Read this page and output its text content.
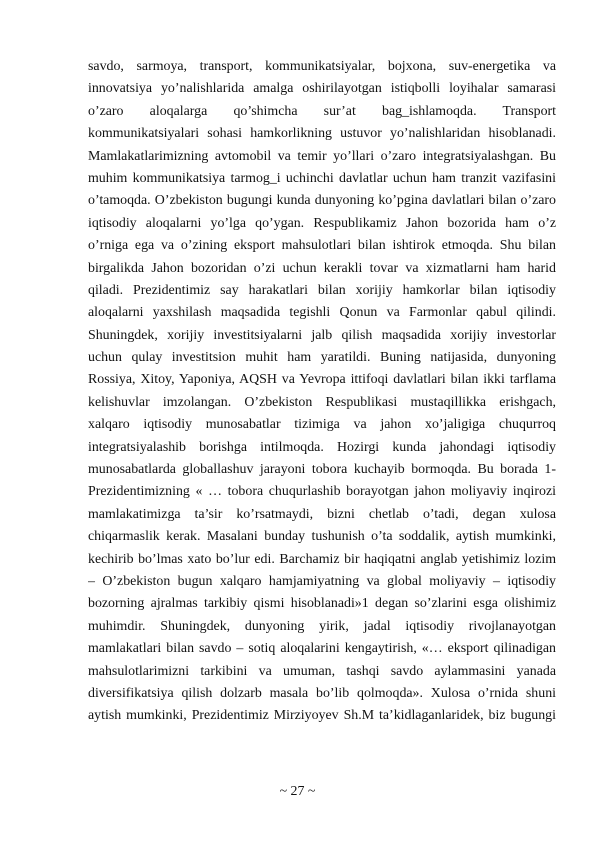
savdo, sarmoya, transport, kommunikatsiyalar, bojxona, suv-energetika va
innovatsiya yo’nalishlarida amalga oshirilayotgan istiqbolli loyihalar samarasi
o’zaro aloqalarga qo’shimcha sur’at bag_ishlamoqda. Transport
kommunikatsiyalari sohasi hamkorlikning ustuvor yo’nalishlaridan hisoblanadi.
Mamlakatlarimizning avtomobil va temir yo’llari o’zaro integratsiyalashgan. Bu
muhim kommunikatsiya tarmog_i uchinchi davlatlar uchun ham tranzit vazifasini
o’tamoqda. O’zbekiston bugungi kunda dunyoning ko’pgina davlatlari bilan o’zaro
iqtisodiy aloqalarni yo’lga qo’ygan. Respublikamiz Jahon bozorida ham o’z
o’rniga ega va o’zining eksport mahsulotlari bilan ishtirok etmoqda. Shu bilan
birgalikda Jahon bozoridan o’zi uchun kerakli tovar va xizmatlarni ham harid
qiladi. Prezidentimiz say harakatlari bilan xorijiy hamkorlar bilan iqtisodiy
aloqalarni yaxshilash maqsadida tegishli Qonun va Farmonlar qabul qilindi.
Shuningdek, xorijiy investitsiyalarni jalb qilish maqsadida xorijiy investorlar
uchun qulay investitsion muhit ham yaratildi. Buning natijasida, dunyoning
Rossiya, Xitoy, Yaponiya, AQSH va Yevropa ittifoqi davlatlari bilan ikki tarflama
kelishuvlar imzolangan. O’zbekiston Respublikasi mustaqillikka erishgach,
xalqaro iqtisodiy munosabatlar tizimiga va jahon xo’jaligiga chuqurroq
integratsiyalashib borishga intilmoqda. Hozirgi kunda jahondagi iqtisodiy
munosabatlarda globallashuv jarayoni tobora kuchayib bormoqda. Bu borada 1-
Prezidentimizning « … tobora chuqurlashib borayotgan jahon moliyaviy inqirozi
mamlakatimizga ta’sir ko’rsatmaydi, bizni chetlab o’tadi, degan xulosa
chiqarmaslik kerak. Masalani bunday tushunish o’ta soddalik, aytish mumkinki,
kechirib bo’lmas xato bo’lur edi. Barchamiz bir haqiqatni anglab yetishimiz lozim
– O’zbekiston bugun xalqaro hamjamiyatning va global moliyaviy – iqtisodiy
bozorning ajralmas tarkibiy qismi hisoblanadi»1 degan so’zlarini esga olishimiz
muhimdir. Shuningdek, dunyoning yirik, jadal iqtisodiy rivojlanayotgan
mamlakatlari bilan savdo – sotiq aloqalarini kengaytirish, «… eksport qilinadigan
mahsulotlarimizni tarkibini va umuman, tashqi savdo aylammasini yanada
diversifikatsiya qilish dolzarb masala bo’lib qolmoqda». Xulosa o’rnida shuni
aytish mumkinki, Prezidentimiz Mirziyoyev Sh.M ta’kidlaganlaridek, biz bugungi
~ 27 ~
